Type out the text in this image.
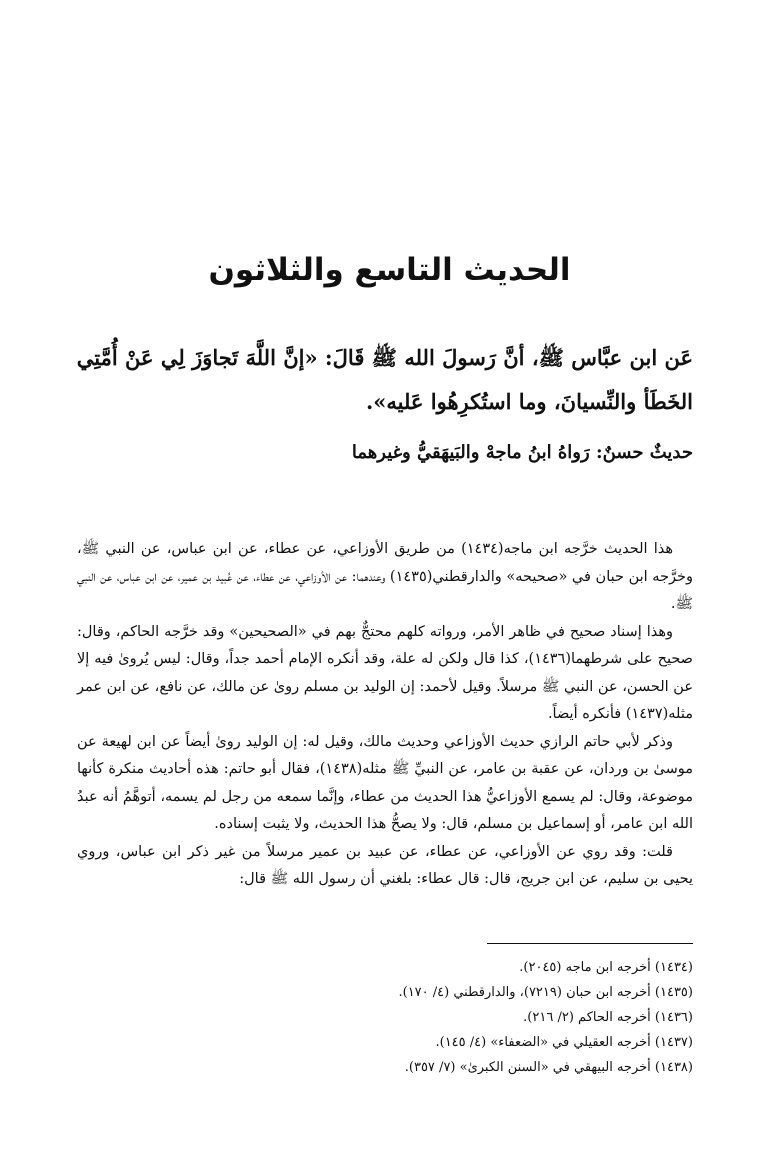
الحديث التاسع والثلاثون

عَن ابن عبَّاس ﷺ، أنَّ رَسولَ الله ﷺ قَالَ: «إنَّ اللَّهَ تَجاوَزَ لِي عَنْ أُمَّتِي الخَطَأ والنِّسيانَ، وما استُكرِهُوا عَليه».

حديثٌ حسنٌ: رَواهُ ابنُ ماجهْ والبَيهَقيُّ وغيرهما

هذا الحديث خرَّجه ابن ماجه(١٤٣٤) من طريق الأوزاعي، عن عطاء، عن ابن عباس، عن النبي ﷺ، وخرَّجه ابن حبان في «صحيحه» والدارقطني(١٤٣٥) وعندهما: عن الأوزاعي، عن عطاء، عن عُبيد بن عمير، عن ابن عباس، عن النبي ﷺ.

وهذا إسناد صحيح في ظاهر الأمر، ورواته كلهم محتجٌّ بهم في «الصحيحين» وقد خرَّجه الحاكم، وقال: صحيح على شرطهما(١٤٣٦)، كذا قال ولكن له علة، وقد أنكره الإمام أحمد جداً، وقال: ليس يُروىٰ فيه إلا عن الحسن، عن النبي ﷺ مرسلاً. وقيل لأحمد: إن الوليد بن مسلم روىٰ عن مالك، عن نافع، عن ابن عمر مثله(١٤٣٧) فأنكره أيضاً.

وذكر لأبي حاتم الرازي حديث الأوزاعي وحديث مالك، وقيل له: إن الوليد روىٰ أيضاً عن ابن لهيعة عن موسىٰ بن وردان، عن عقبة بن عامر، عن النبيِّ ﷺ مثله(١٤٣٨)، فقال أبو حاتم: هذه أحاديث منكرة كأنها موضوعة، وقال: لم يسمع الأوزاعيُّ هذا الحديث من عطاء، وإنَّما سمعه من رجل لم يسمه، أتوهَّمُ أنه عبدُ الله ابن عامر، أو إسماعيل بن مسلم، قال: ولا يصحُّ هذا الحديث، ولا يثبت إسناده.

قلت: وقد روي عن الأوزاعي، عن عطاء، عن عبيد بن عمير مرسلاً من غير ذكر ابن عباس، وروي يحيى بن سليم، عن ابن جريج، قال: قال عطاء: بلغني أن رسول الله ﷺ قال:

(١٤٣٤) أخرجه ابن ماجه (٢٠٤٥).
(١٤٣٥) أخرجه ابن حبان (٧٢١٩)، والدارقطني (٤/ ١٧٠).
(١٤٣٦) أخرجه الحاكم (٢/ ٢١٦).
(١٤٣٧) أخرجه العقيلي في «الضعفاء» (٤/ ١٤٥).
(١٤٣٨) أخرجه البيهقي في «السنن الكبرىٰ» (٧/ ٣٥٧).
